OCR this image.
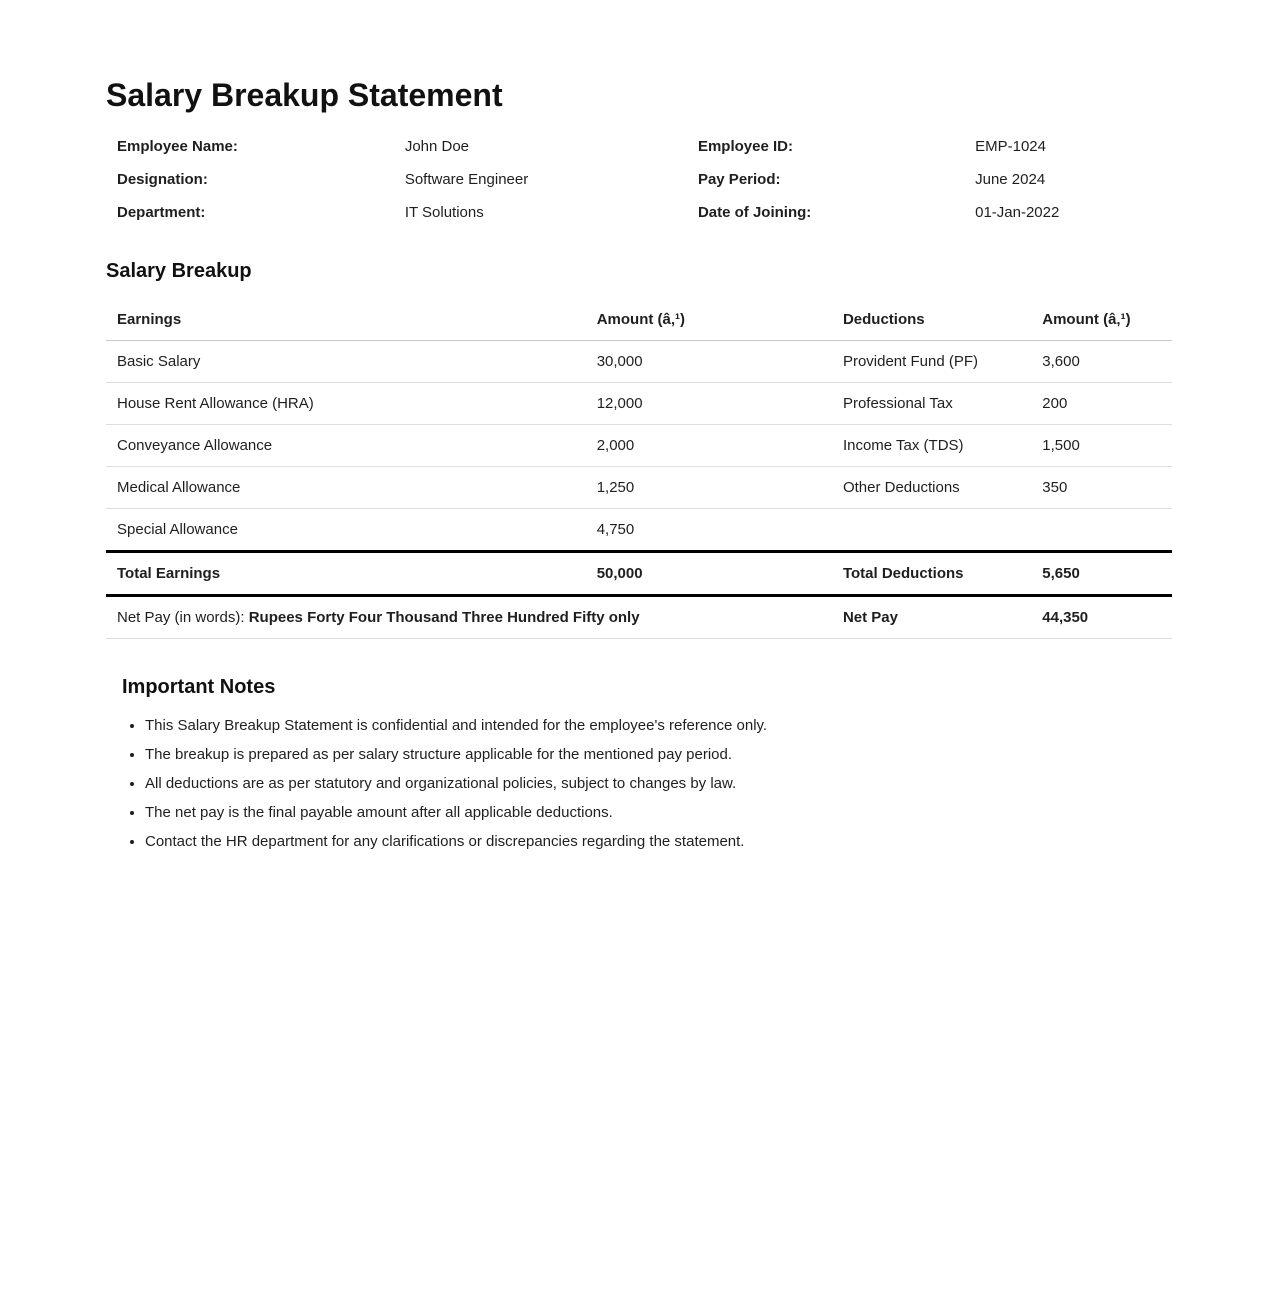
Salary Breakup Statement
Employee Name:	John Doe	Employee ID:	EMP-1024
Designation:	Software Engineer	Pay Period:	June 2024
Department:	IT Solutions	Date of Joining:	01-Jan-2022
Salary Breakup
Earnings	Amount (â‚¹)	Deductions	Amount (â‚¹)
Basic Salary	30,000	Provident Fund (PF)	3,600
House Rent Allowance (HRA)	12,000	Professional Tax	200
Conveyance Allowance	2,000	Income Tax (TDS)	1,500
Medical Allowance	1,250	Other Deductions	350
Special Allowance	4,750		
Total Earnings	50,000	Total Deductions	5,650
Net Pay (in words): Rupees Forty Four Thousand Three Hundred Fifty only		Net Pay	44,350
Important Notes
• This Salary Breakup Statement is confidential and intended for the employee's reference only.
• The breakup is prepared as per salary structure applicable for the mentioned pay period.
• All deductions are as per statutory and organizational policies, subject to changes by law.
• The net pay is the final payable amount after all applicable deductions.
• Contact the HR department for any clarifications or discrepancies regarding the statement.
